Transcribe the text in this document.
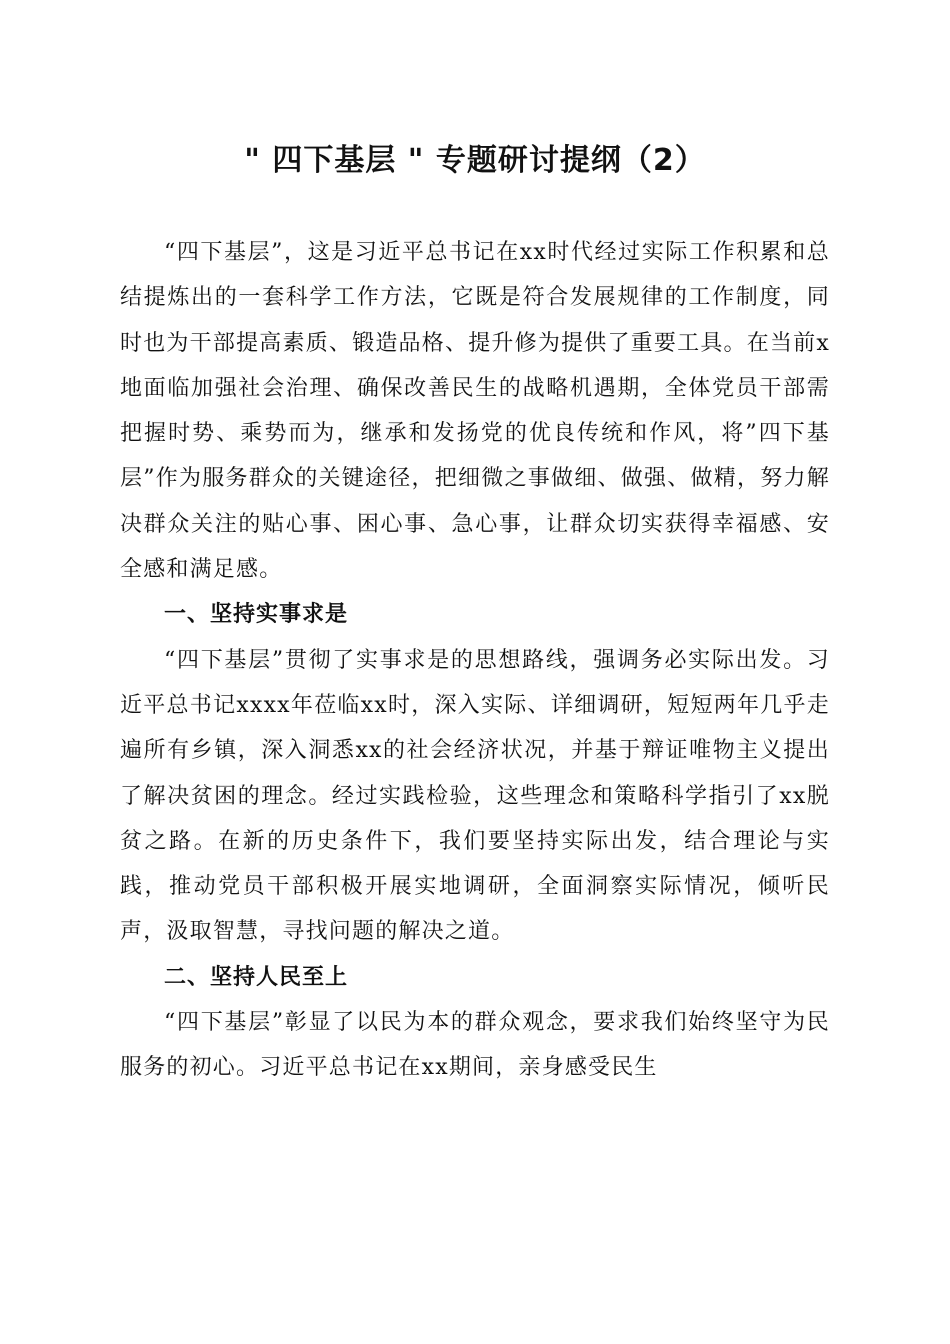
" 四下基层 " 专题研讨提纲（2）

“四下基层”，这是习近平总书记在xx时代经过实际工作积累和总结提炼出的一套科学工作方法，它既是符合发展规律的工作制度，同时也为干部提高素质、锻造品格、提升修为提供了重要工具。在当前x地面临加强社会治理、确保改善民生的战略机遇期，全体党员干部需把握时势、乘势而为，继承和发扬党的优良传统和作风，将”四下基层”作为服务群众的关键途径，把细微之事做细、做强、做精，努力解决群众关注的贴心事、困心事、急心事，让群众切实获得幸福感、安全感和满足感。

一、坚持实事求是

“四下基层”贯彻了实事求是的思想路线，强调务必实际出发。习近平总书记xxxx年莅临xx时，深入实际、详细调研，短短两年几乎走遍所有乡镇，深入洞悉xx的社会经济状况，并基于辩证唯物主义提出了解决贫困的理念。经过实践检验，这些理念和策略科学指引了xx脱贫之路。在新的历史条件下，我们要坚持实际出发，结合理论与实践，推动党员干部积极开展实地调研，全面洞察实际情况，倾听民声，汲取智慧，寻找问题的解决之道。

二、坚持人民至上

“四下基层”彰显了以民为本的群众观念，要求我们始终坚守为民服务的初心。习近平总书记在xx期间，亲身感受民生
